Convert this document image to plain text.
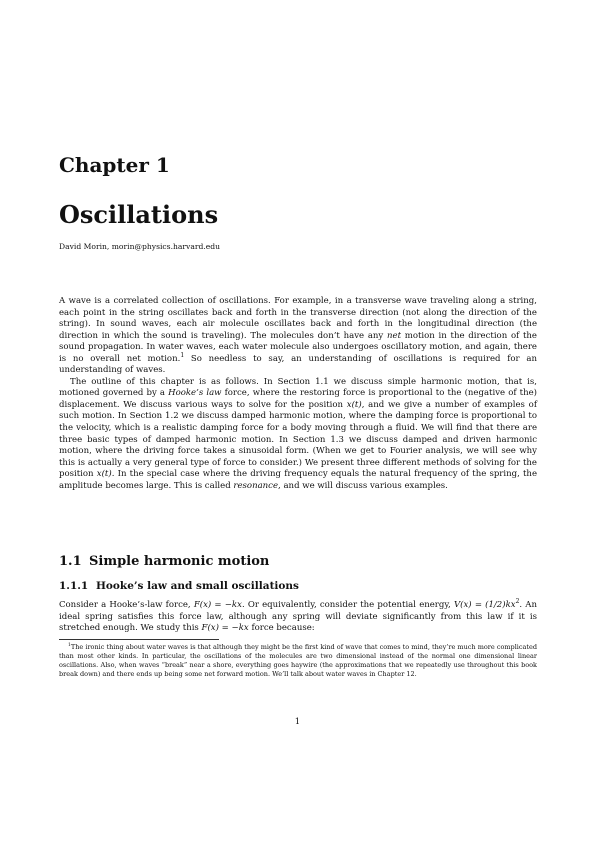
Chapter 1
Oscillations

David Morin, morin@physics.harvard.edu

A wave is a correlated collection of oscillations. For example, in a transverse wave traveling along a string, each point in the string oscillates back and forth in the transverse direction (not along the direction of the string). In sound waves, each air molecule oscillates back and forth in the longitudinal direction (the direction in which the sound is traveling). The molecules don’t have any net motion in the direction of the sound propagation. In water waves, each water molecule also undergoes oscillatory motion, and again, there is no overall net motion.$^1$ So needless to say, an understanding of oscillations is required for an understanding of waves.

The outline of this chapter is as follows. In Section 1.1 we discuss simple harmonic motion, that is, motioned governed by a Hooke’s law force, where the restoring force is proportional to the (negative of the) displacement. We discuss various ways to solve for the position x(t), and we give a number of examples of such motion. In Section 1.2 we discuss damped harmonic motion, where the damping force is proportional to the velocity, which is a realistic damping force for a body moving through a fluid. We will find that there are three basic types of damped harmonic motion. In Section 1.3 we discuss damped and driven harmonic motion, where the driving force takes a sinusoidal form. (When we get to Fourier analysis, we will see why this is actually a very general type of force to consider.) We present three different methods of solving for the position x(t). In the special case where the driving frequency equals the natural frequency of the spring, the amplitude becomes large. This is called resonance, and we will discuss various examples.

1.1 Simple harmonic motion
1.1.1 Hooke’s law and small oscillations

Consider a Hooke’s-law force, F(x) = −kx. Or equivalently, consider the potential energy, $V(x) = (1/2)kx^2$. An ideal spring satisfies this force law, although any spring will deviate significantly from this law if it is stretched enough. We study this F(x) = −kx force because:

$^1$The ironic thing about water waves is that although they might be the first kind of wave that comes to mind, they’re much more complicated than most other kinds. In particular, the oscillations of the molecules are two dimensional instead of the normal one dimensional linear oscillations. Also, when waves “break” near a shore, everything goes haywire (the approximations that we repeatedly use throughout this book break down) and there ends up being some net forward motion. We’ll talk about water waves in Chapter 12.

1
